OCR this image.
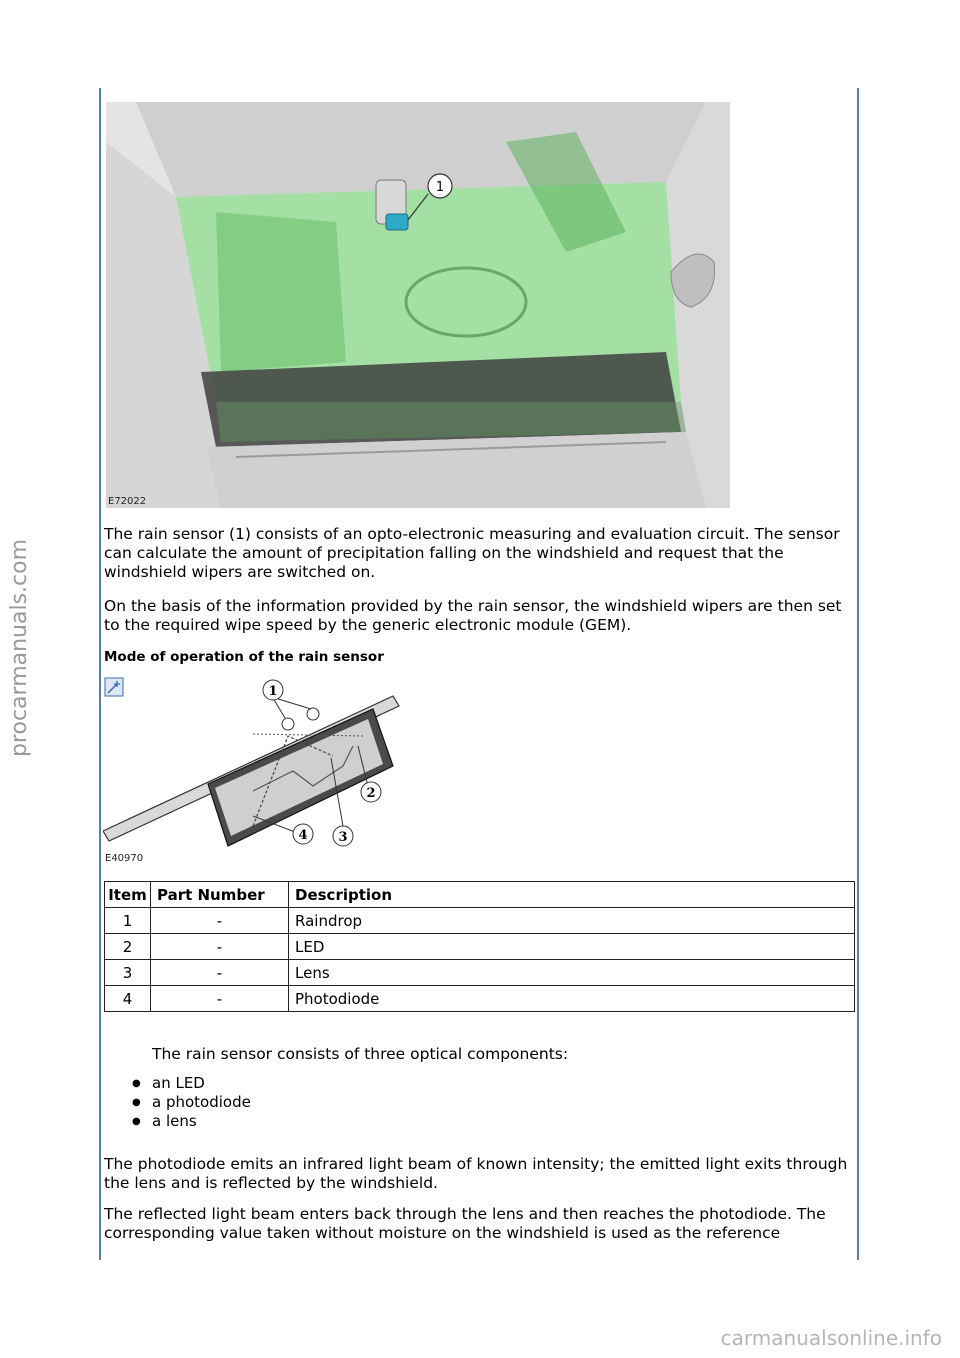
procarmanuals.com
1
E72022

The rain sensor (1) consists of an opto-electronic measuring and evaluation circuit. The sensor can calculate the amount of precipitation falling on the windshield and request that the windshield wipers are switched on.

On the basis of the information provided by the rain sensor, the windshield wipers are then set to the required wipe speed by the generic electronic module (GEM).

Mode of operation of the rain sensor

1
2
3
4
E40970
Item	Part Number	Description
1	-	Raindrop
2	-	LED
3	-	Lens
4	-	Photodiode

The rain sensor consists of three optical components:

● an LED
● a photodiode
● a lens

The photodiode emits an infrared light beam of known intensity; the emitted light exits through the lens and is reflected by the windshield.

The reflected light beam enters back through the lens and then reaches the photodiode. The corresponding value taken without moisture on the windshield is used as the reference

carmanualsonline.info
